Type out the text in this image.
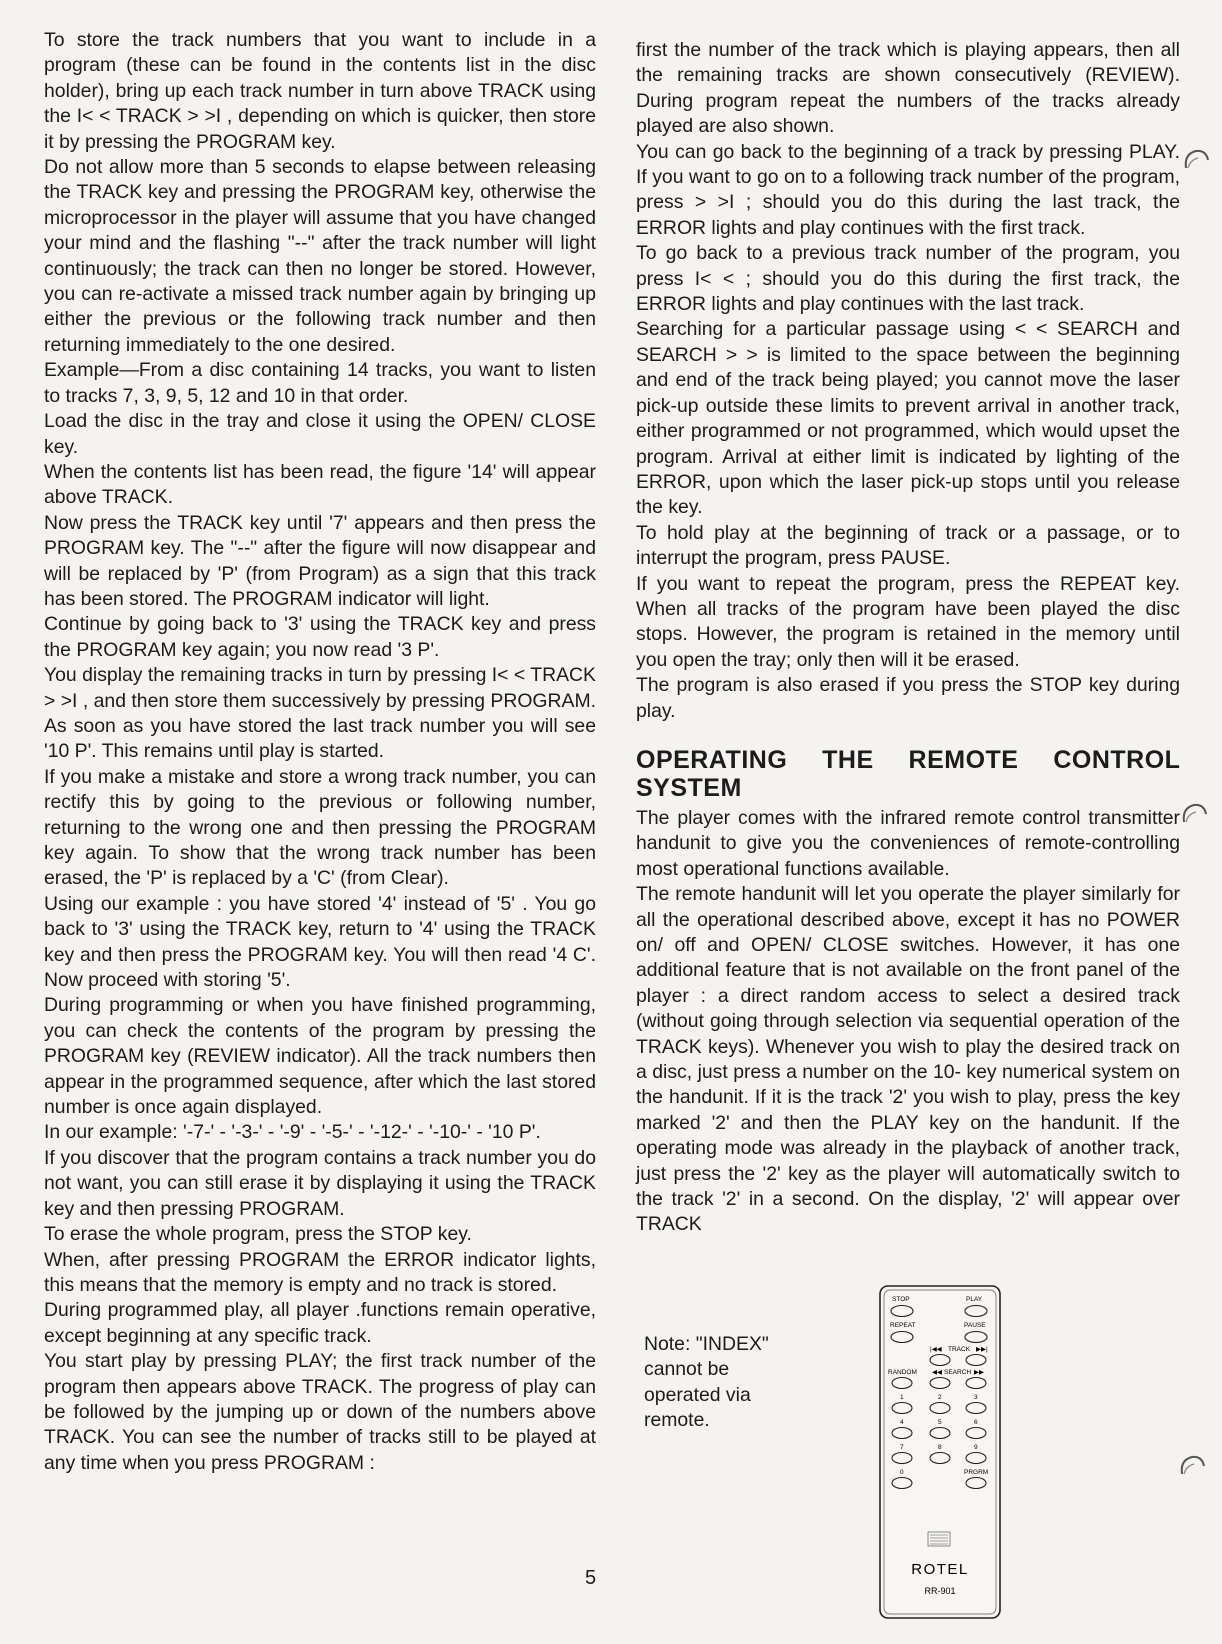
To store the track numbers that you want to include in a program (these can be found in the contents list in the disc holder), bring up each track number in turn above TRACK using the I< < TRACK > >I , depending on which is quicker, then store it by pressing the PROGRAM key.

Do not allow more than 5 seconds to elapse between releasing the TRACK key and pressing the PROGRAM key, otherwise the microprocessor in the player will assume that you have changed your mind and the flashing "--" after the track number will light continuously; the track can then no longer be stored. However, you can re-activate a missed track number again by bringing up either the previous or the following track number and then returning immediately to the one desired.

Example—From a disc containing 14 tracks, you want to listen to tracks 7, 3, 9, 5, 12 and 10 in that order.

Load the disc in the tray and close it using the OPEN/ CLOSE key.

When the contents list has been read, the figure '14' will appear above TRACK.

Now press the TRACK key until '7' appears and then press the PROGRAM key. The "--" after the figure will now disappear and will be replaced by 'P' (from Program) as a sign that this track has been stored. The PROGRAM indicator will light.

Continue by going back to '3' using the TRACK key and press the PROGRAM key again; you now read '3 P'.

You display the remaining tracks in turn by pressing I< < TRACK > >I , and then store them successively by pressing PROGRAM. As soon as you have stored the last track number you will see '10 P'. This remains until play is started.

If you make a mistake and store a wrong track number, you can rectify this by going to the previous or following number, returning to the wrong one and then pressing the PROGRAM key again. To show that the wrong track number has been erased, the 'P' is replaced by a 'C' (from Clear).

Using our example : you have stored '4' instead of '5' . You go back to '3' using the TRACK key, return to '4' using the TRACK key and then press the PROGRAM key. You will then read '4 C'. Now proceed with storing '5'.

During programming or when you have finished programming, you can check the contents of the program by pressing the PROGRAM key (REVIEW indicator). All the track numbers then appear in the programmed sequence, after which the last stored number is once again displayed.

In our example: '-7-' - '-3-' - '-9' - '-5-' - '-12-' - '-10-' - '10 P'.

If you discover that the program contains a track number you do not want, you can still erase it by displaying it using the TRACK key and then pressing PROGRAM.

To erase the whole program, press the STOP key.

When, after pressing PROGRAM the ERROR indicator lights, this means that the memory is empty and no track is stored.

During programmed play, all player .functions remain operative, except beginning at any specific track.

You start play by pressing PLAY; the first track number of the program then appears above TRACK. The progress of play can be followed by the jumping up or down of the numbers above TRACK. You can see the number of tracks still to be played at any time when you press PROGRAM :

first the number of the track which is playing appears, then all the remaining tracks are shown consecutively (REVIEW). During program repeat the numbers of the tracks already played are also shown.

You can go back to the beginning of a track by pressing PLAY. If you want to go on to a following track number of the program, press > >I ; should you do this during the last track, the ERROR lights and play continues with the first track.

To go back to a previous track number of the program, you press I< < ; should you do this during the first track, the ERROR lights and play continues with the last track.

Searching for a particular passage using < < SEARCH and SEARCH > > is limited to the space between the beginning and end of the track being played; you cannot move the laser pick-up outside these limits to prevent arrival in another track, either programmed or not programmed, which would upset the program. Arrival at either limit is indicated by lighting of the ERROR, upon which the laser pick-up stops until you release the key.

To hold play at the beginning of track or a passage, or to interrupt the program, press PAUSE.

If you want to repeat the program, press the REPEAT key. When all tracks of the program have been played the disc stops. However, the program is retained in the memory until you open the tray; only then will it be erased.

The program is also erased if you press the STOP key during play.

OPERATING THE REMOTE CONTROL SYSTEM

The player comes with the infrared remote control transmitter handunit to give you the conveniences of remote-controlling most operational functions available.

The remote handunit will let you operate the player similarly for all the operational described above, except it has no POWER on/ off and OPEN/ CLOSE switches. However, it has one additional feature that is not available on the front panel of the player : a direct random access to select a desired track (without going through selection via sequential operation of the TRACK keys). Whenever you wish to play the desired track on a disc, just press a number on the 10- key numerical system on the handunit. If it is the track '2' you wish to play, press the key marked '2' and then the PLAY key on the handunit. If the operating mode was already in the playback of another track, just press the '2' key as the player will automatically switch to the track '2' in a second. On the display, '2' will appear over TRACK

Note: "INDEX"
cannot be
operated via
remote.
STOP	PLAY
REPEAT	PAUSE
|◀◀ TRACK ▶▶|
RANDOM ◀◀ SEARCH ▶▶
1	2	3
4	5	6
7	8	9
0	PRGRM
ROTEL
RR-901
5
